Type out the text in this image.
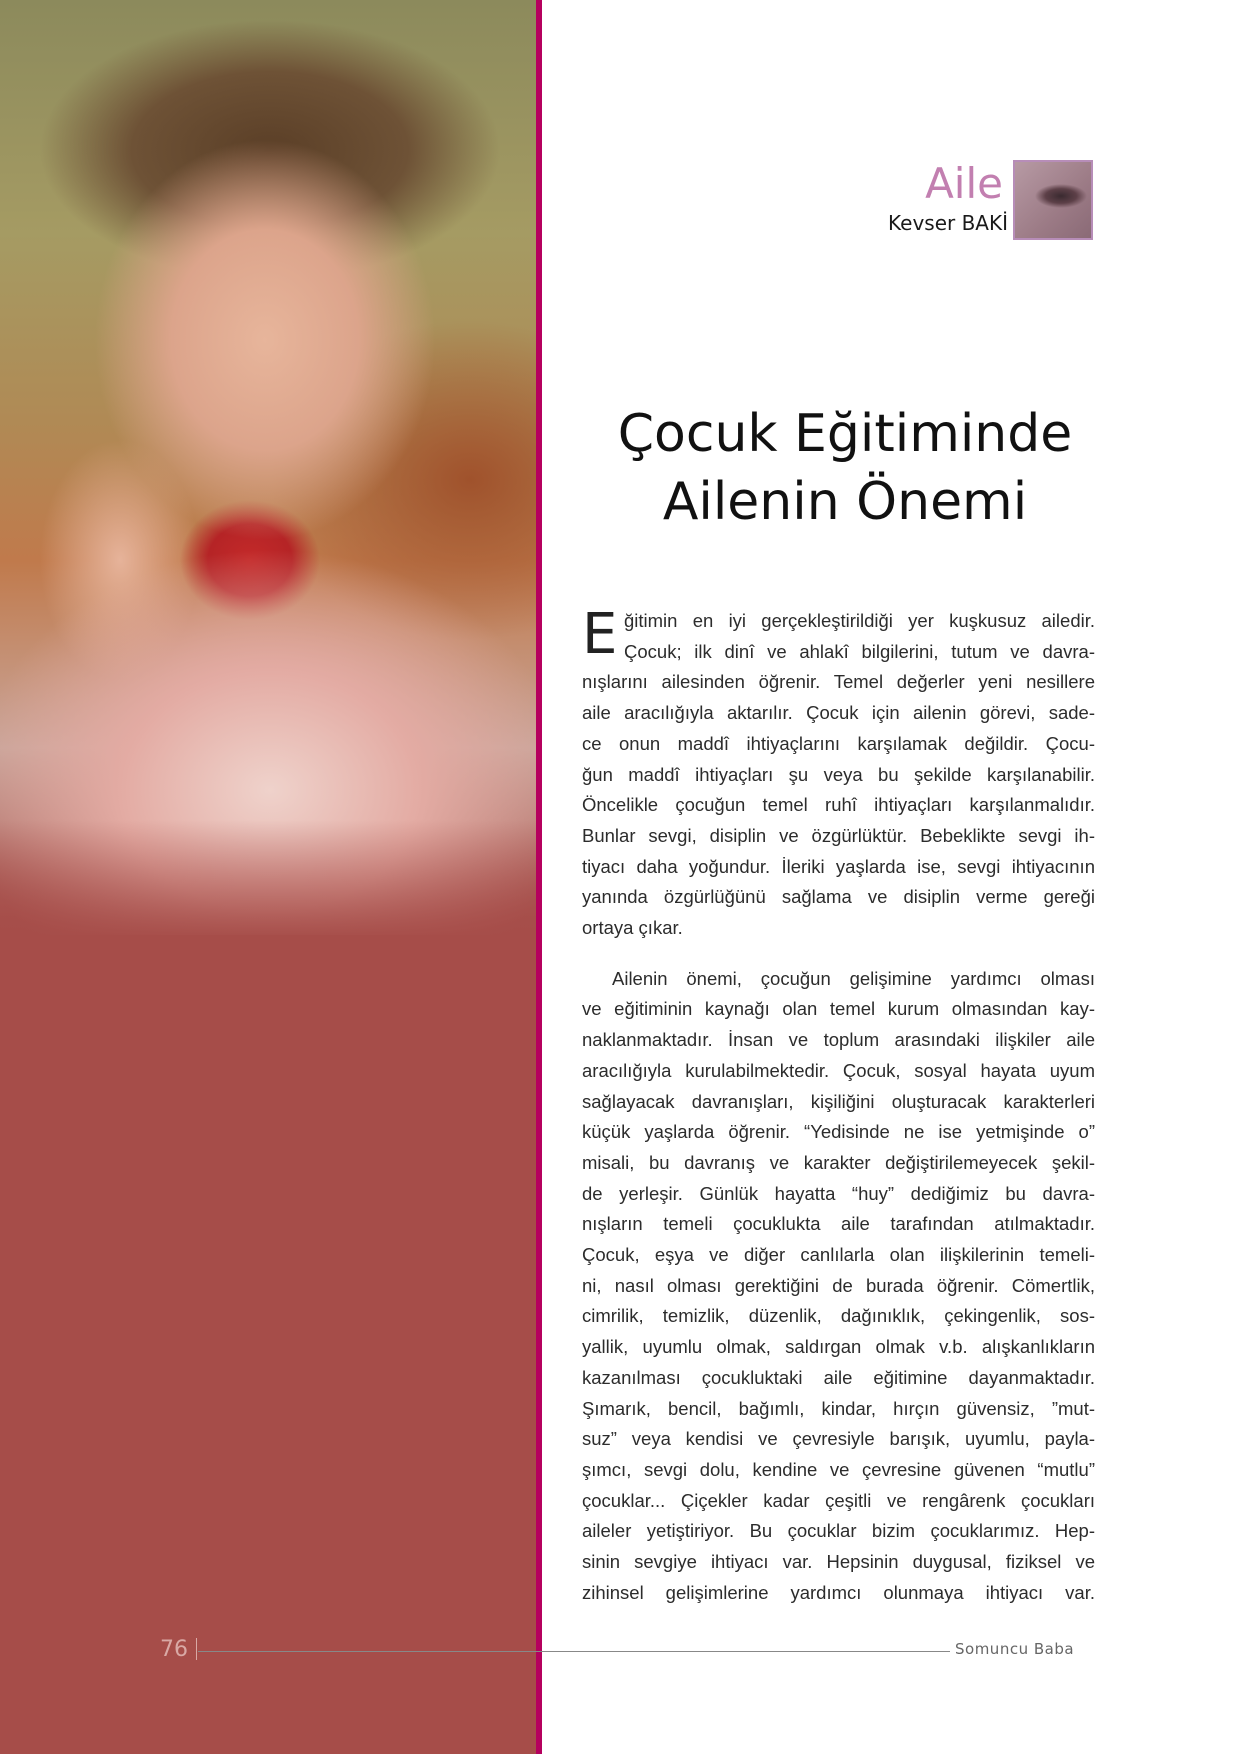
Aile
Kevser BAKİ
Çocuk Eğitiminde
Ailenin Önemi

E ğitimin en iyi gerçekleştirildiği yer kuşkusuz ailedir.
Çocuk; ilk dinî ve ahlakî bilgilerini, tutum ve davra-
nışlarını ailesinden öğrenir. Temel değerler yeni nesillere
aile aracılığıyla aktarılır. Çocuk için ailenin görevi, sade-
ce onun maddî ihtiyaçlarını karşılamak değildir. Çocu-
ğun maddî ihtiyaçları şu veya bu şekilde karşılanabilir.
Öncelikle çocuğun temel ruhî ihtiyaçları karşılanmalıdır.
Bunlar sevgi, disiplin ve özgürlüktür. Bebeklikte sevgi ih-
tiyacı daha yoğundur. İleriki yaşlarda ise, sevgi ihtiyacının
yanında özgürlüğünü sağlama ve disiplin verme gereği
ortaya çıkar.

Ailenin önemi, çocuğun gelişimine yardımcı olması
ve eğitiminin kaynağı olan temel kurum olmasından kay-
naklanmaktadır. İnsan ve toplum arasındaki ilişkiler aile
aracılığıyla kurulabilmektedir. Çocuk, sosyal hayata uyum
sağlayacak davranışları, kişiliğini oluşturacak karakterleri
küçük yaşlarda öğrenir. “Yedisinde ne ise yetmişinde o”
misali, bu davranış ve karakter değiştirilemeyecek şekil-
de yerleşir. Günlük hayatta “huy” dediğimiz bu davra-
nışların temeli çocuklukta aile tarafından atılmaktadır.
Çocuk, eşya ve diğer canlılarla olan ilişkilerinin temeli-
ni, nasıl olması gerektiğini de burada öğrenir. Cömertlik,
cimrilik, temizlik, düzenlik, dağınıklık, çekingenlik, sos-
yallik, uyumlu olmak, saldırgan olmak v.b. alışkanlıkların
kazanılması çocukluktaki aile eğitimine dayanmaktadır.
Şımarık, bencil, bağımlı, kindar, hırçın güvensiz, ”mut-
suz” veya kendisi ve çevresiyle barışık, uyumlu, payla-
şımcı, sevgi dolu, kendine ve çevresine güvenen “mutlu”
çocuklar... Çiçekler kadar çeşitli ve rengârenk çocukları
aileler yetiştiriyor. Bu çocuklar bizim çocuklarımız. Hep-
sinin sevgiye ihtiyacı var. Hepsinin duygusal, fiziksel ve
zihinsel gelişimlerine yardımcı olunmaya ihtiyacı var.

76	Somuncu Baba
